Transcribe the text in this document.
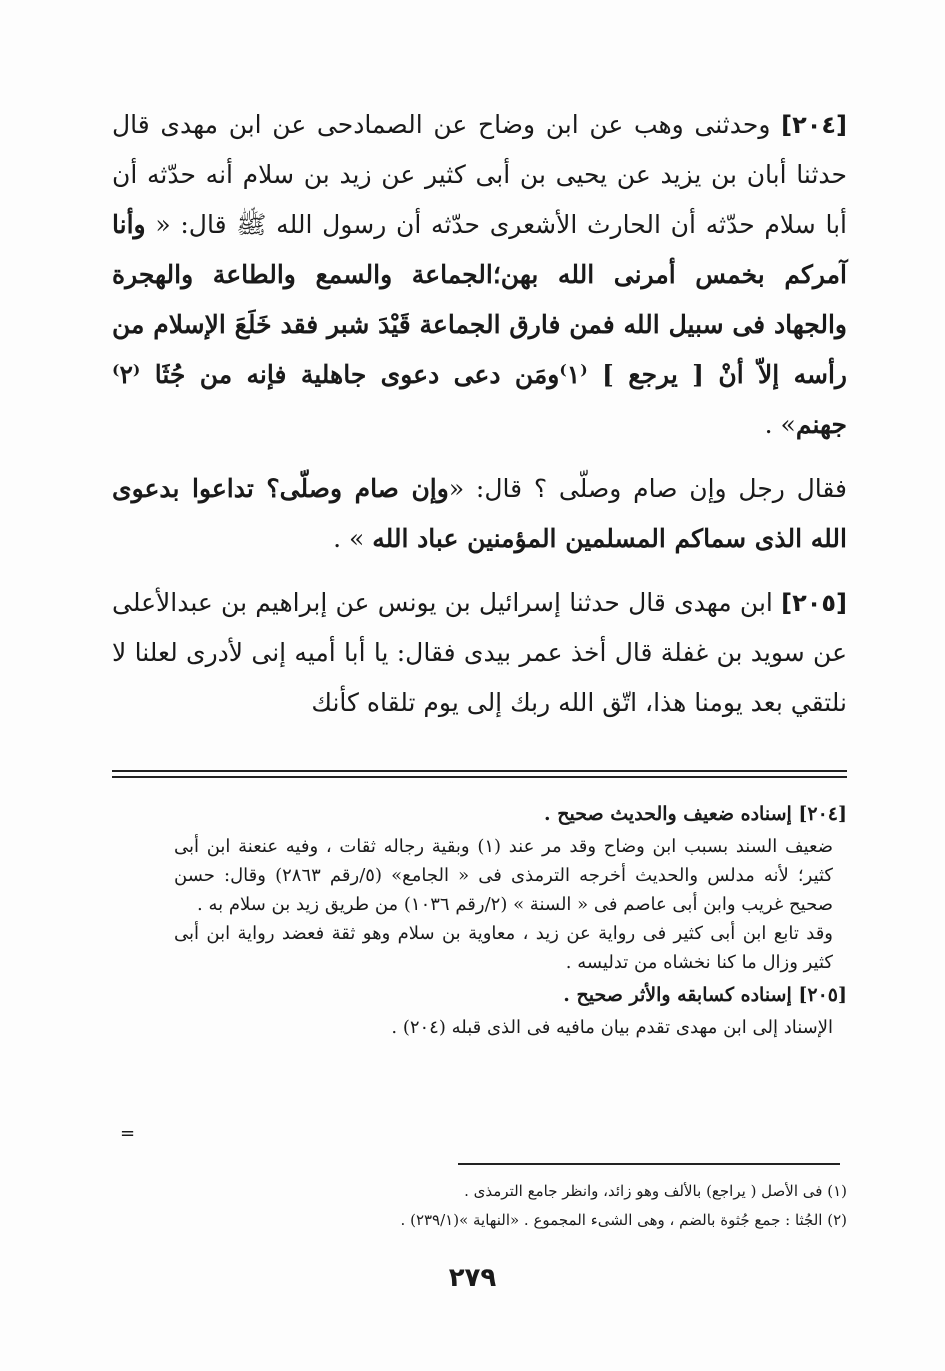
[٢٠٤] وحدثنى وهب عن ابن وضاح عن الصمادحى عن ابن مهدى قال حدثنا أبان بن يزيد عن يحيى بن أبى كثير عن زيد بن سلام أنه حدّثه أن أبا سلام حدّثه أن الحارث الأشعرى حدّثه أن رسول الله ﷺ قال: « وأنا آمركم بخمس أمرنى الله بهن؛الجماعة والسمع والطاعة والهجرة والجهاد فى سبيل الله فمن فارق الجماعة قَيْدَ شبر فقد خَلَعَ الإسلام من رأسه إلاّ أنْ [ يرجع ] ⁽١⁾ومَن دعى دعوى جاهلية فإنه من جُثَا ⁽٢⁾ جهنم» .

فقال رجل وإن صام وصلّى ؟ قال: «وإن صام وصلّى؟ تداعوا بدعوى الله الذى سماكم المسلمين المؤمنين عباد الله » .

[٢٠٥] ابن مهدى قال حدثنا إسرائيل بن يونس عن إبراهيم بن عبدالأعلى عن سويد بن غفلة قال أخذ عمر بيدى فقال: يا أبا أميه إنى لأدرى لعلنا لا نلتقي بعد يومنا هذا، اتّق الله ربك إلى يوم تلقاه كأنك

[٢٠٤] إسناده ضعيف والحديث صحيح .
ضعيف السند بسبب ابن وضاح وقد مر عند (١) وبقية رجاله ثقات ، وفيه عنعنة ابن أبى كثير؛ لأنه مدلس والحديث أخرجه الترمذى فى « الجامع» (٥/رقم ٢٨٦٣) وقال: حسن صحيح غريب وابن أبى عاصم فى « السنة » (٢/رقم ١٠٣٦) من طريق زيد بن سلام به .
وقد تابع ابن أبى كثير فى رواية عن زيد ، معاوية بن سلام وهو ثقة فعضد رواية ابن أبى كثير وزال ما كنا نخشاه من تدليسه .
[٢٠٥] إسناده كسابقه والأثر صحيح .
الإسناد إلى ابن مهدى تقدم بيان مافيه فى الذى قبله (٢٠٤) .
=
(١) فى الأصل ( يراجع) بالألف وهو زائد، وانظر جامع الترمذى .
(٢) الجُثا : جمع جُثوة بالضم ، وهى الشىء المجموع . «النهاية »(٢٣٩/١) .
٢٧٩
